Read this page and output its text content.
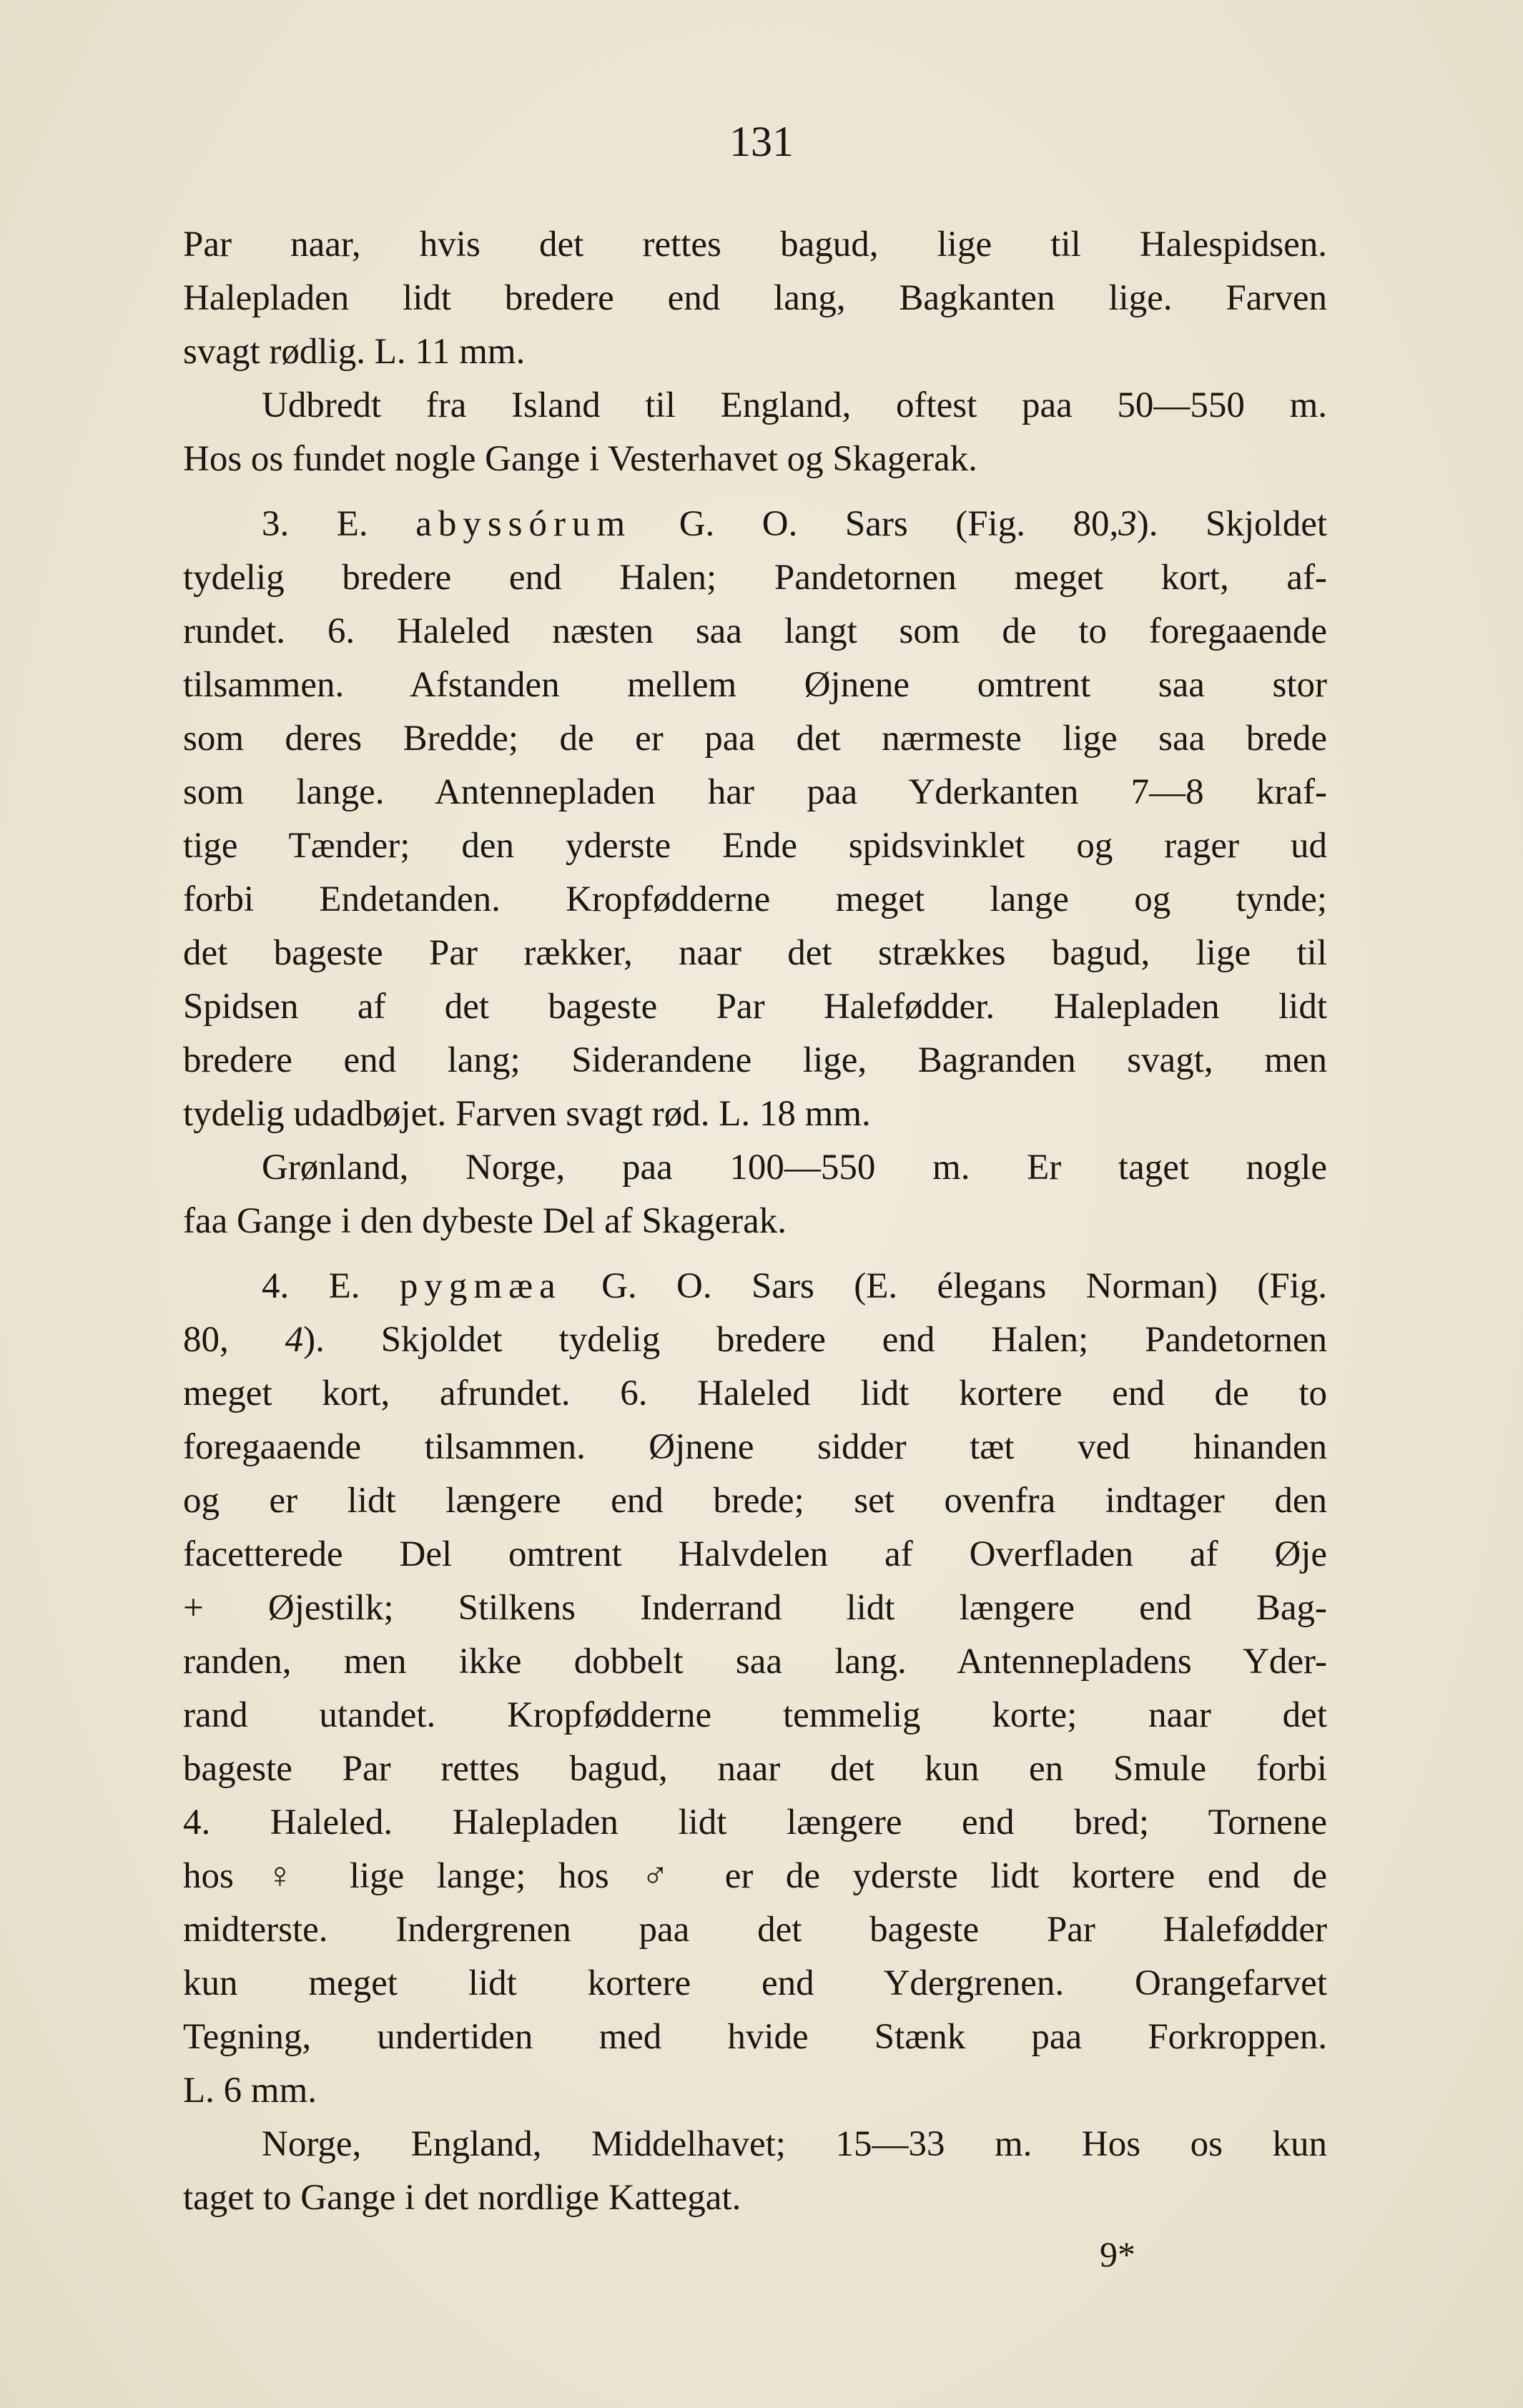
131
Par naar, hvis det rettes bagud, lige til Halespidsen.
Halepladen lidt bredere end lang, Bagkanten lige. Farven
svagt rødlig. L. 11 mm.
Udbredt fra Island til England, oftest paa 50—550 m.
Hos os fundet nogle Gange i Vesterhavet og Skagerak.
3. E. abyssórum G. O. Sars (Fig. 80,3). Skjoldet
tydelig bredere end Halen; Pandetornen meget kort, af-
rundet. 6. Haleled næsten saa langt som de to foregaaende
tilsammen. Afstanden mellem Øjnene omtrent saa stor
som deres Bredde; de er paa det nærmeste lige saa brede
som lange. Antennepladen har paa Yderkanten 7—8 kraf-
tige Tænder; den yderste Ende spidsvinklet og rager ud
forbi Endetanden. Kropfødderne meget lange og tynde;
det bageste Par rækker, naar det strækkes bagud, lige til
Spidsen af det bageste Par Halefødder. Halepladen lidt
bredere end lang; Siderandene lige, Bagranden svagt, men
tydelig udadbøjet. Farven svagt rød. L. 18 mm.
Grønland, Norge, paa 100—550 m. Er taget nogle
faa Gange i den dybeste Del af Skagerak.
4. E. pygmæa G. O. Sars (E. élegans Norman) (Fig.
80, 4). Skjoldet tydelig bredere end Halen; Pandetornen
meget kort, afrundet. 6. Haleled lidt kortere end de to
foregaaende tilsammen. Øjnene sidder tæt ved hinanden
og er lidt længere end brede; set ovenfra indtager den
facetterede Del omtrent Halvdelen af Overfladen af Øje
+ Øjestilk; Stilkens Inderrand lidt længere end Bag-
randen, men ikke dobbelt saa lang. Antennepladens Yder-
rand utandet. Kropfødderne temmelig korte; naar det
bageste Par rettes bagud, naar det kun en Smule forbi
4. Haleled. Halepladen lidt længere end bred; Tornene
hos ♀ lige lange; hos ♂ er de yderste lidt kortere end de
midterste. Indergrenen paa det bageste Par Halefødder
kun meget lidt kortere end Ydergrenen. Orangefarvet
Tegning, undertiden med hvide Stænk paa Forkroppen.
L. 6 mm.
Norge, England, Middelhavet; 15—33 m. Hos os kun
taget to Gange i det nordlige Kattegat.
9*
